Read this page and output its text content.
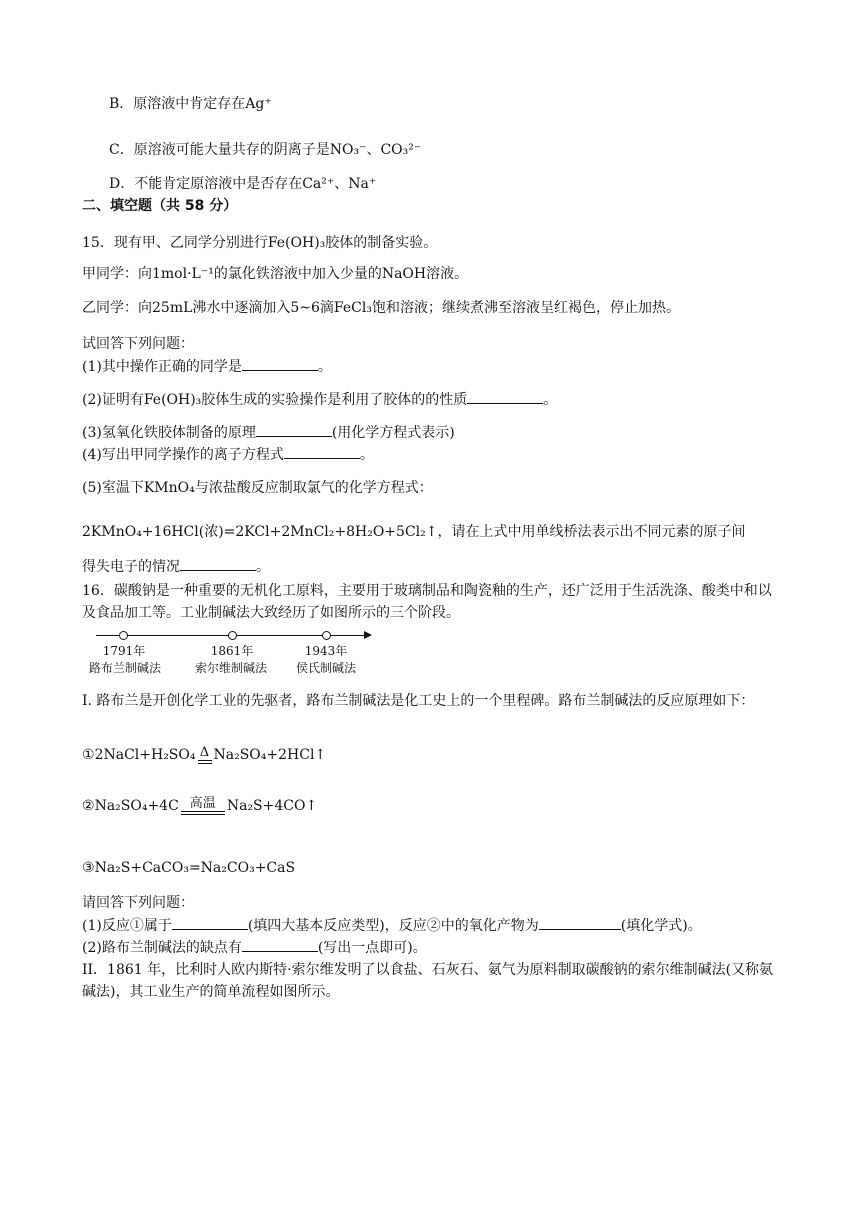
B．原溶液中肯定存在Ag⁺
C．原溶液可能大量共存的阴离子是NO₃⁻、CO₃²⁻
D．不能肯定原溶液中是否存在Ca²⁺、Na⁺
二、填空题（共 58 分）
15．现有甲、乙同学分别进行Fe(OH)₃胶体的制备实验。
甲同学：向1mol·L⁻¹的氯化铁溶液中加入少量的NaOH溶液。
乙同学：向25mL沸水中逐滴加入5~6滴FeCl₃饱和溶液；继续煮沸至溶液呈红褐色，停止加热。
试回答下列问题：
(1)其中操作正确的同学是	。
(2)证明有Fe(OH)₃胶体生成的实验操作是利用了胶体的的性质	。
(3)氢氧化铁胶体制备的原理	(用化学方程式表示)
(4)写出甲同学操作的离子方程式	。
(5)室温下KMnO₄与浓盐酸反应制取氯气的化学方程式：
2KMnO₄+16HCl(浓)=2KCl+2MnCl₂+8H₂O+5Cl₂↑，请在上式中用单线桥法表示出不同元素的原子间
得失电子的情况	。
16．碳酸钠是一种重要的无机化工原料，主要用于玻璃制品和陶瓷釉的生产，还广泛用于生活洗涤、酸类中和以及食品加工等。工业制碱法大致经历了如图所示的三个阶段。
1791年	1861年	1943年
路布兰制碱法	索尔维制碱法	侯氏制碱法
I. 路布兰是开创化学工业的先驱者，路布兰制碱法是化工史上的一个里程碑。路布兰制碱法的反应原理如下：
①2NaCl+H₂SO₄ Δ Na₂SO₄+2HCl↑
②Na₂SO₄+4C 高温 Na₂S+4CO↑
③Na₂S+CaCO₃=Na₂CO₃+CaS
请回答下列问题：
(1)反应①属于	(填四大基本反应类型)，反应②中的氧化产物为	(填化学式)。
(2)路布兰制碱法的缺点有	(写出一点即可)。
II．1861 年，比利时人欧内斯特·索尔维发明了以食盐、石灰石、氨气为原料制取碳酸钠的索尔维制碱法(又称氨碱法)，其工业生产的简单流程如图所示。
